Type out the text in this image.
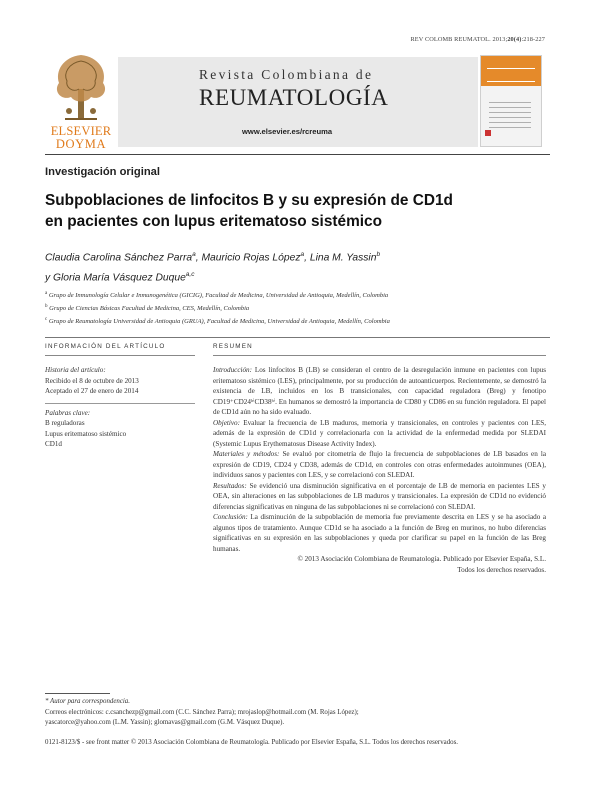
REV COLOMB REUMATOL. 2013;20(4):218-227
ELSEVIER
DOYMA
Revista Colombiana de
REUMATOLOGÍA
www.elsevier.es/rcreuma
Investigación original
Subpoblaciones de linfocitos B y su expresión de CD1d
en pacientes con lupus eritematoso sistémico
Claudia Carolina Sánchez Parra$^a$, Mauricio Rojas López$^a$, Lina M. Yassin$^b$
y Gloria María Vásquez Duque$^{a,c}$
$^a$ Grupo de Inmunología Celular e Inmunogenética (GICIG), Facultad de Medicina, Universidad de Antioquia, Medellín, Colombia
$^b$ Grupo de Ciencias Básicas Facultad de Medicina, CES, Medellín, Colombia
$^c$ Grupo de Reumatología Universidad de Antioquia (GRUA), Facultad de Medicina, Universidad de Antioquia, Medellín, Colombia
INFORMACIÓN DEL ARTÍCULO
Historia del artículo:
Recibido el 8 de octubre de 2013
Aceptado el 27 de enero de 2014
Palabras clave:
B reguladoras
Lupus eritematoso sistémico
CD1d
RESUMEN

Introducción: Los linfocitos B (LB) se consideran el centro de la desregulación inmune en pacientes con lupus eritematoso sistémico (LES), principalmente, por su producción de autoanticuerpos. Recientemente, se demostró la existencia de LB, incluidos en los B transicionales, con capacidad reguladora (Breg) y fenotipo CD19⁺CD24ʰⁱCD38ʰⁱ. En humanos se demostró la importancia de CD80 y CD86 en su función reguladora. El papel de CD1d aún no ha sido evaluado.

Objetivo: Evaluar la frecuencia de LB maduros, memoria y transicionales, en controles y pacientes con LES, además de la expresión de CD1d y correlacionarla con la actividad de la enfermedad medida por SLEDAI (Systemic Lupus Erythematosus Disease Activity Index).

Materiales y métodos: Se evaluó por citometría de flujo la frecuencia de subpoblaciones de LB basados en la expresión de CD19, CD24 y CD38, además de CD1d, en controles con otras enfermedades autoinmunes (OEA), individuos sanos y pacientes con LES, y se correlacionó con SLEDAI.

Resultados: Se evidenció una disminución significativa en el porcentaje de LB de memoria en pacientes LES y OEA, sin alteraciones en las subpoblaciones de LB maduros y transicionales. La expresión de CD1d no evidenció diferencias significativas en ninguna de las subpoblaciones ni se correlacionó con SLEDAI.

Conclusión: La disminución de la subpoblación de memoria fue previamente descrita en LES y se ha asociado a algunos tipos de tratamiento. Aunque CD1d se ha asociado a la función de Breg en murinos, no hubo diferencias significativas en su expresión en las subpoblaciones y queda por clarificar su papel en la función de las Breg humanas.

© 2013 Asociación Colombiana de Reumatología. Publicado por Elsevier España, S.L.
Todos los derechos reservados.
* Autor para correspondencia.
Correos electrónicos: c.csanchezp@gmail.com (C.C. Sánchez Parra); mrojaslop@hotmail.com (M. Rojas López);
yascatorce@yahoo.com (L.M. Yassin); glomavas@gmail.com (G.M. Vásquez Duque).
0121-8123/$ - see front matter © 2013 Asociación Colombiana de Reumatología. Publicado por Elsevier España, S.L. Todos los derechos reservados.
